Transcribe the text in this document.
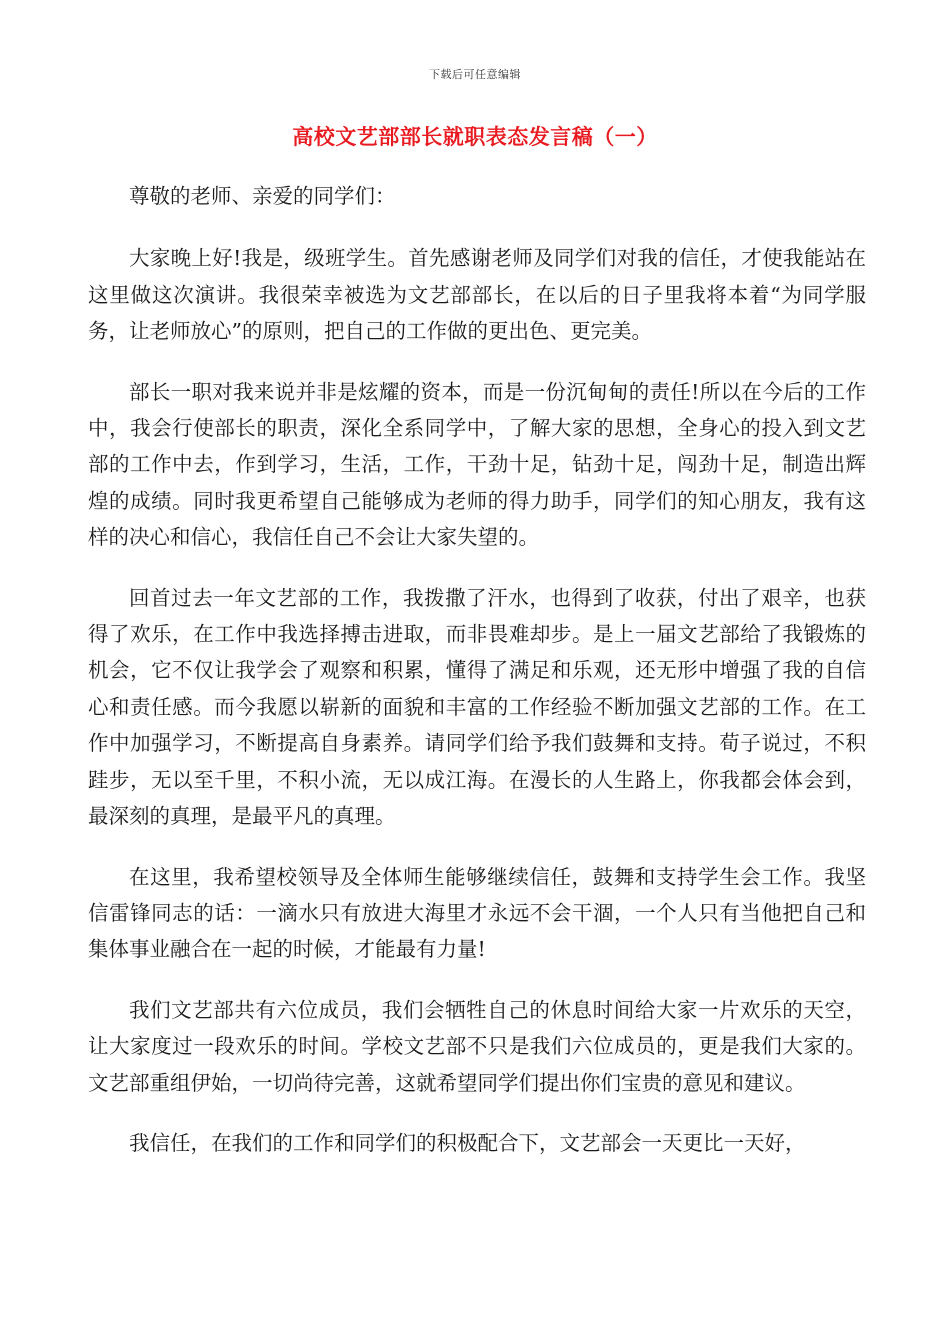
下载后可任意编辑
高校文艺部部长就职表态发言稿（一）

尊敬的老师、亲爱的同学们：

大家晚上好!我是，级班学生。首先感谢老师及同学们对我的信任，才使我能站在这里做这次演讲。我很荣幸被选为文艺部部长，在以后的日子里我将本着“为同学服务，让老师放心”的原则，把自己的工作做的更出色、更完美。

部长一职对我来说并非是炫耀的资本，而是一份沉甸甸的责任!所以在今后的工作中，我会行使部长的职责，深化全系同学中，了解大家的思想，全身心的投入到文艺部的工作中去，作到学习，生活，工作，干劲十足，钻劲十足，闯劲十足，制造出辉煌的成绩。同时我更希望自己能够成为老师的得力助手，同学们的知心朋友，我有这样的决心和信心，我信任自己不会让大家失望的。

回首过去一年文艺部的工作，我拨撒了汗水，也得到了收获，付出了艰辛，也获得了欢乐，在工作中我选择搏击进取，而非畏难却步。是上一届文艺部给了我锻炼的机会，它不仅让我学会了观察和积累，懂得了满足和乐观，还无形中增强了我的自信心和责任感。而今我愿以崭新的面貌和丰富的工作经验不断加强文艺部的工作。在工作中加强学习，不断提高自身素养。请同学们给予我们鼓舞和支持。荀子说过，不积跬步，无以至千里，不积小流，无以成江海。在漫长的人生路上，你我都会体会到，最深刻的真理，是最平凡的真理。

在这里，我希望校领导及全体师生能够继续信任，鼓舞和支持学生会工作。我坚信雷锋同志的话：一滴水只有放进大海里才永远不会干涸，一个人只有当他把自己和集体事业融合在一起的时候，才能最有力量!

我们文艺部共有六位成员，我们会牺牲自己的休息时间给大家一片欢乐的天空，让大家度过一段欢乐的时间。学校文艺部不只是我们六位成员的，更是我们大家的。文艺部重组伊始，一切尚待完善，这就希望同学们提出你们宝贵的意见和建议。

我信任，在我们的工作和同学们的积极配合下，文艺部会一天更比一天好，
